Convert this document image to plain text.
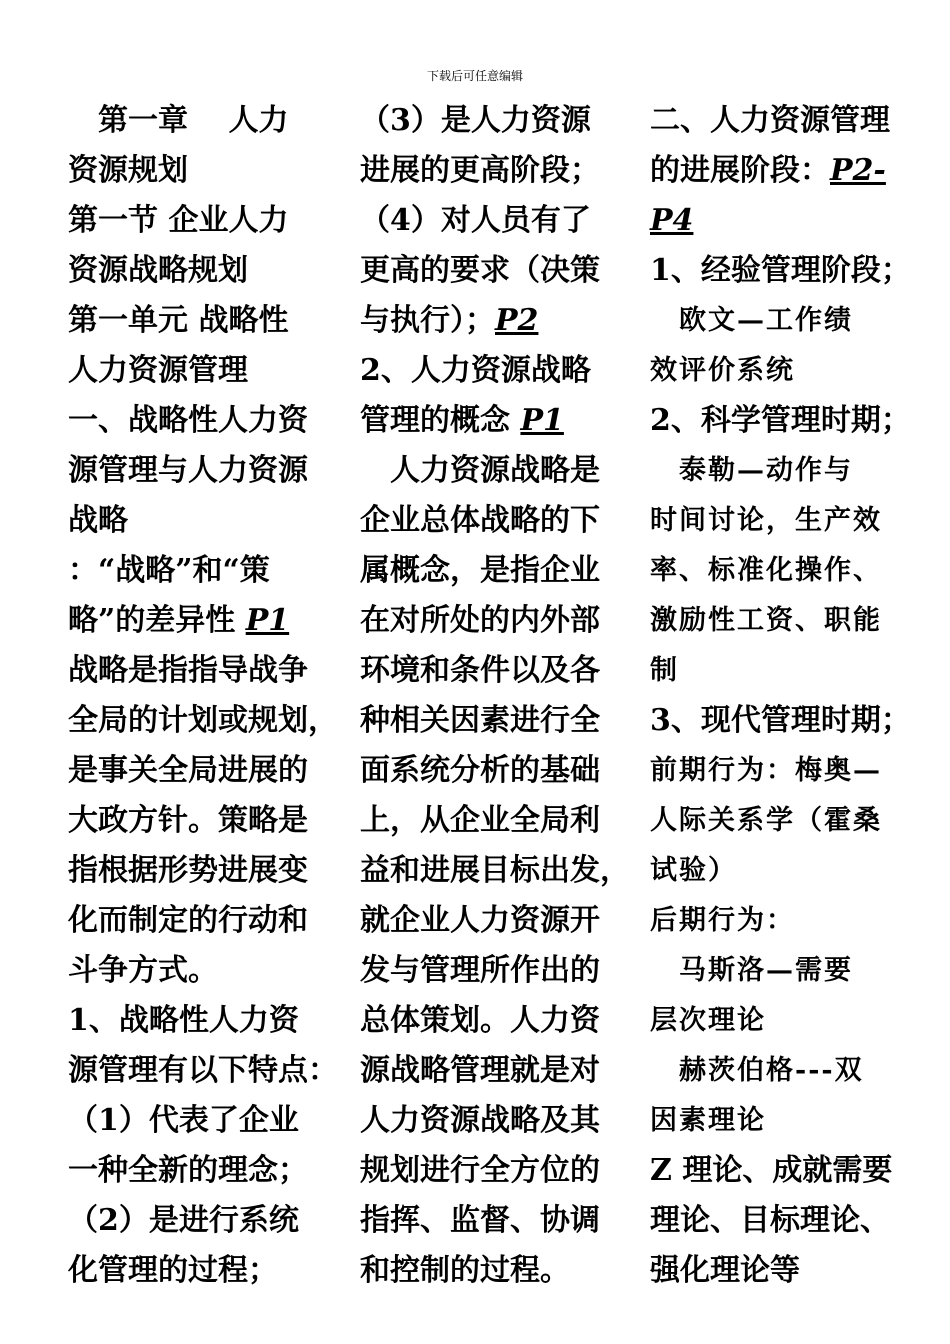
下载后可任意编辑
　第一章　 人力
资源规划
第一节 企业人力
资源战略规划
第一单元 战略性
人力资源管理
一、战略性人力资
源管理与人力资源
战略
：“战略”和“策
略”的差异性 P1
战略是指指导战争
全局的计划或规划，
是事关全局进展的
大政方针。策略是
指根据形势进展变
化而制定的行动和
斗争方式。
1、战略性人力资
源管理有以下特点：
（1）代表了企业
一种全新的理念；
（2）是进行系统
化管理的过程；
（3）是人力资源
进展的更高阶段；
（4）对人员有了
更高的要求（决策
与执行）；P2
2、人力资源战略
管理的概念 P1
　人力资源战略是
企业总体战略的下
属概念，是指企业
在对所处的内外部
环境和条件以及各
种相关因素进行全
面系统分析的基础
上，从企业全局利
益和进展目标出发，
就企业人力资源开
发与管理所作出的
总体策划。人力资
源战略管理就是对
人力资源战略及其
规划进行全方位的
指挥、监督、协调
和控制的过程。
二、人力资源管理
的进展阶段：P2-
P4
1、经验管理阶段；
　欧文—工作绩
效评价系统
2、科学管理时期；
　泰勒—动作与
时间讨论，生产效
率、标准化操作、
激励性工资、职能
制
3、现代管理时期；
前期行为：梅奥—
人际关系学（霍桑
试验）
后期行为：
　马斯洛—需要
层次理论
　赫茨伯格---双
因素理论
Z 理论、成就需要
理论、目标理论、
强化理论等
